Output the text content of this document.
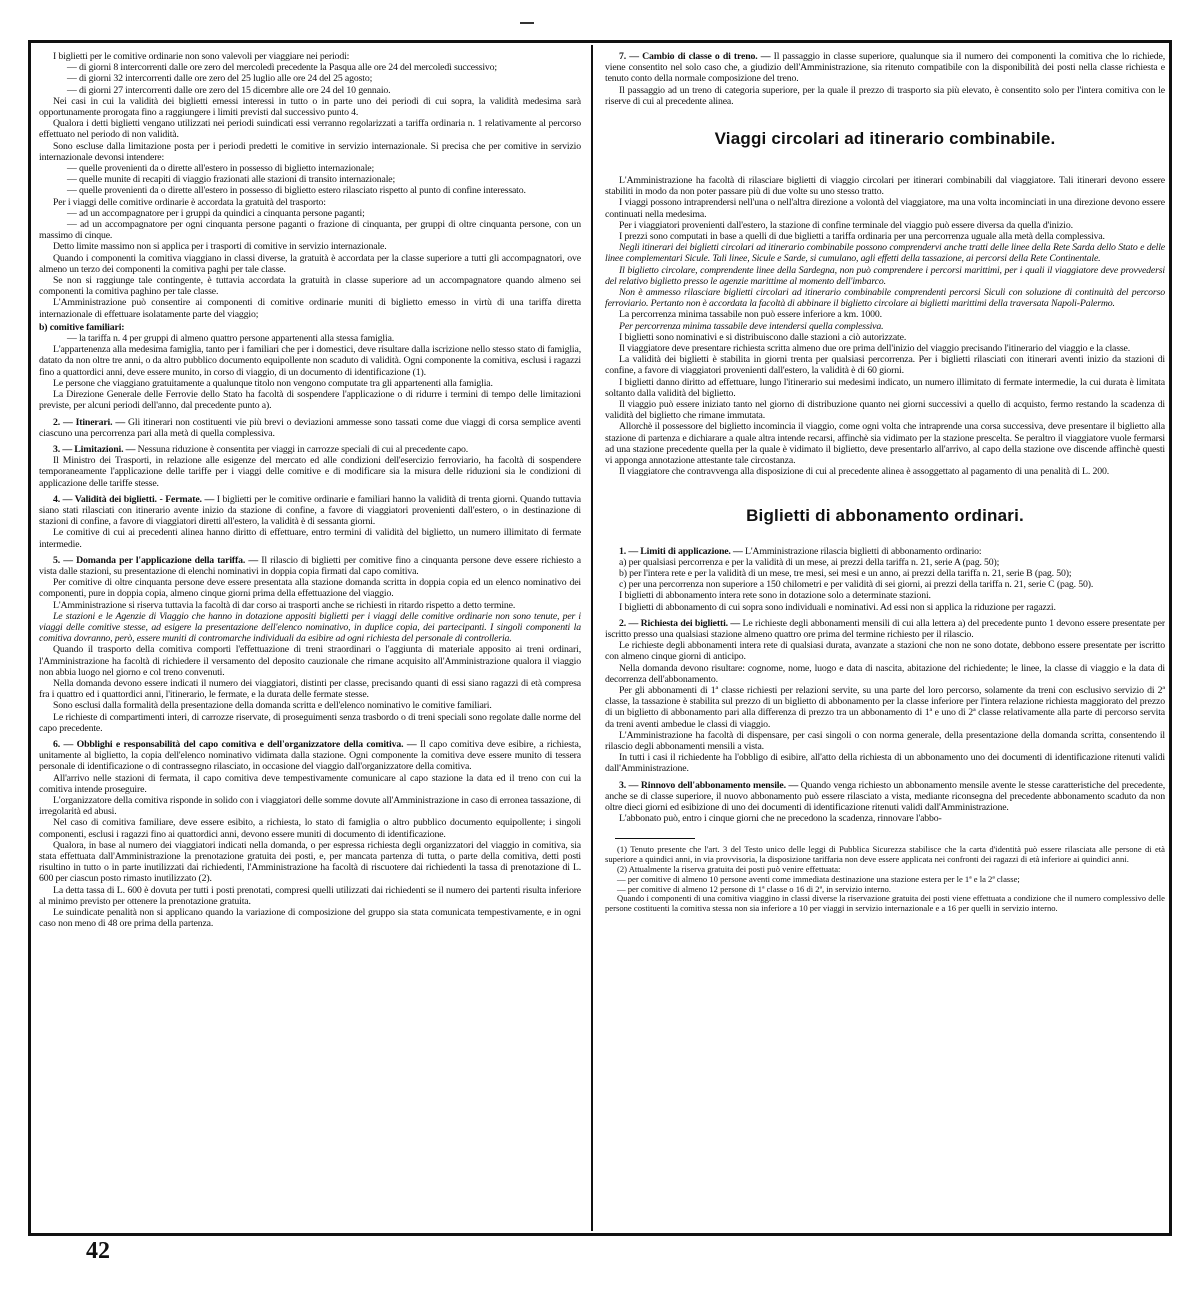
I biglietti per le comitive ordinarie non sono valevoli per viaggiare nei periodi:

— di giorni 8 intercorrenti dalle ore zero del mercoledì precedente la Pasqua alle ore 24 del mercoledì successivo;

— di giorni 32 intercorrenti dalle ore zero del 25 luglio alle ore 24 del 25 agosto;

— di giorni 27 intercorrenti dalle ore zero del 15 dicembre alle ore 24 del 10 gennaio.

Nei casi in cui la validità dei biglietti emessi interessi in tutto o in parte uno dei periodi di cui sopra, la validità medesima sarà opportunamente prorogata fino a raggiungere i limiti previsti dal successivo punto 4.

Qualora i detti biglietti vengano utilizzati nei periodi suindicati essi verranno regolarizzati a tariffa ordinaria n. 1 relativamente al percorso effettuato nel periodo di non validità.

Sono escluse dalla limitazione posta per i periodi predetti le comitive in servizio internazionale. Si precisa che per comitive in servizio internazionale devonsi intendere:

— quelle provenienti da o dirette all'estero in possesso di biglietto internazionale;

— quelle munite di recapiti di viaggio frazionati alle stazioni di transito internazionale;

— quelle provenienti da o dirette all'estero in possesso di biglietto estero rilasciato rispetto al punto di confine interessato.

Per i viaggi delle comitive ordinarie è accordata la gratuità del trasporto:

— ad un accompagnatore per i gruppi da quindici a cinquanta persone paganti;

— ad un accompagnatore per ogni cinquanta persone paganti o frazione di cinquanta, per gruppi di oltre cinquanta persone, con un massimo di cinque.

Detto limite massimo non si applica per i trasporti di comitive in servizio internazionale.

Quando i componenti la comitiva viaggiano in classi diverse, la gratuità è accordata per la classe superiore a tutti gli accompagnatori, ove almeno un terzo dei componenti la comitiva paghi per tale classe.

Se non si raggiunge tale contingente, è tuttavia accordata la gratuità in classe superiore ad un accompagnatore quando almeno sei componenti la comitiva paghino per tale classe.

L'Amministrazione può consentire ai componenti di comitive ordinarie muniti di biglietto emesso in virtù di una tariffa diretta internazionale di effettuare isolatamente parte del viaggio;

b) comitive familiari:

— la tariffa n. 4 per gruppi di almeno quattro persone appartenenti alla stessa famiglia.

L'appartenenza alla medesima famiglia, tanto per i familiari che per i domestici, deve risultare dalla iscrizione nello stesso stato di famiglia, datato da non oltre tre anni, o da altro pubblico documento equipollente non scaduto di validità. Ogni componente la comitiva, esclusi i ragazzi fino a quattordici anni, deve essere munito, in corso di viaggio, di un documento di identificazione (1).

Le persone che viaggiano gratuitamente a qualunque titolo non vengono computate tra gli appartenenti alla famiglia.

La Direzione Generale delle Ferrovie dello Stato ha facoltà di sospendere l'applicazione o di ridurre i termini di tempo delle limitazioni previste, per alcuni periodi dell'anno, dal precedente punto a).

2. — Itinerari. — Gli itinerari non costituenti vie più brevi o deviazioni ammesse sono tassati come due viaggi di corsa semplice aventi ciascuno una percorrenza pari alla metà di quella complessiva.

3. — Limitazioni. — Nessuna riduzione è consentita per viaggi in carrozze speciali di cui al precedente capo.

Il Ministro dei Trasporti, in relazione alle esigenze del mercato ed alle condizioni dell'esercizio ferroviario, ha facoltà di sospendere temporaneamente l'applicazione delle tariffe per i viaggi delle comitive e di modificare sia la misura delle riduzioni sia le condizioni di applicazione delle tariffe stesse.

4. — Validità dei biglietti. - Fermate. — I biglietti per le comitive ordinarie e familiari hanno la validità di trenta giorni. Quando tuttavia siano stati rilasciati con itinerario avente inizio da stazione di confine, a favore di viaggiatori provenienti dall'estero, o in destinazione di stazioni di confine, a favore di viaggiatori diretti all'estero, la validità è di sessanta giorni.

Le comitive di cui ai precedenti alinea hanno diritto di effettuare, entro termini di validità del biglietto, un numero illimitato di fermate intermedie.

5. — Domanda per l'applicazione della tariffa. — Il rilascio di biglietti per comitive fino a cinquanta persone deve essere richiesto a vista dalle stazioni, su presentazione di elenchi nominativi in doppia copia firmati dal capo comitiva.

Per comitive di oltre cinquanta persone deve essere presentata alla stazione domanda scritta in doppia copia ed un elenco nominativo dei componenti, pure in doppia copia, almeno cinque giorni prima della effettuazione del viaggio.

L'Amministrazione si riserva tuttavia la facoltà di dar corso ai trasporti anche se richiesti in ritardo rispetto a detto termine.

Le stazioni e le Agenzie di Viaggio che hanno in dotazione appositi biglietti per i viaggi delle comitive ordinarie non sono tenute, per i viaggi delle comitive stesse, ad esigere la presentazione dell'elenco nominativo, in duplice copia, dei partecipanti. I singoli componenti la comitiva dovranno, però, essere muniti di contromarche individuali da esibire ad ogni richiesta del personale di controlleria.

Quando il trasporto della comitiva comporti l'effettuazione di treni straordinari o l'aggiunta di materiale apposito ai treni ordinari, l'Amministrazione ha facoltà di richiedere il versamento del deposito cauzionale che rimane acquisito all'Amministrazione qualora il viaggio non abbia luogo nel giorno e col treno convenuti.

Nella domanda devono essere indicati il numero dei viaggiatori, distinti per classe, precisando quanti di essi siano ragazzi di età compresa fra i quattro ed i quattordici anni, l'itinerario, le fermate, e la durata delle fermate stesse.

Sono esclusi dalla formalità della presentazione della domanda scritta e dell'elenco nominativo le comitive familiari.

Le richieste di compartimenti interi, di carrozze riservate, di proseguimenti senza trasbordo o di treni speciali sono regolate dalle norme del capo precedente.

6. — Obblighi e responsabilità del capo comitiva e dell'organizzatore della comitiva. — Il capo comitiva deve esibire, a richiesta, unitamente al biglietto, la copia dell'elenco nominativo vidimata dalla stazione. Ogni componente la comitiva deve essere munito di tessera personale di identificazione o di contrassegno rilasciato, in occasione del viaggio dall'organizzatore della comitiva.

All'arrivo nelle stazioni di fermata, il capo comitiva deve tempestivamente comunicare al capo stazione la data ed il treno con cui la comitiva intende proseguire.

L'organizzatore della comitiva risponde in solido con i viaggiatori delle somme dovute all'Amministrazione in caso di erronea tassazione, di irregolarità ed abusi.

Nel caso di comitiva familiare, deve essere esibito, a richiesta, lo stato di famiglia o altro pubblico documento equipollente; i singoli componenti, esclusi i ragazzi fino ai quattordici anni, devono essere muniti di documento di identificazione.

Qualora, in base al numero dei viaggiatori indicati nella domanda, o per espressa richiesta degli organizzatori del viaggio in comitiva, sia stata effettuata dall'Amministrazione la prenotazione gratuita dei posti, e, per mancata partenza di tutta, o parte della comitiva, detti posti risultino in tutto o in parte inutilizzati dai richiedenti, l'Amministrazione ha facoltà di riscuotere dai richiedenti la tassa di prenotazione di L. 600 per ciascun posto rimasto inutilizzato (2).

La detta tassa di L. 600 è dovuta per tutti i posti prenotati, compresi quelli utilizzati dai richiedenti se il numero dei partenti risulta inferiore al minimo previsto per ottenere la prenotazione gratuita.

Le suindicate penalità non si applicano quando la variazione di composizione del gruppo sia stata comunicata tempestivamente, e in ogni caso non meno di 48 ore prima della partenza.

7. — Cambio di classe o di treno. — Il passaggio in classe superiore, qualunque sia il numero dei componenti la comitiva che lo richiede, viene consentito nel solo caso che, a giudizio dell'Amministrazione, sia ritenuto compatibile con la disponibilità dei posti nella classe richiesta e tenuto conto della normale composizione del treno.

Il passaggio ad un treno di categoria superiore, per la quale il prezzo di trasporto sia più elevato, è consentito solo per l'intera comitiva con le riserve di cui al precedente alinea.

Viaggi circolari ad itinerario combinabile.

L'Amministrazione ha facoltà di rilasciare biglietti di viaggio circolari per itinerari combinabili dal viaggiatore. Tali itinerari devono essere stabiliti in modo da non poter passare più di due volte su uno stesso tratto.

I viaggi possono intraprendersi nell'una o nell'altra direzione a volontà del viaggiatore, ma una volta incominciati in una direzione devono essere continuati nella medesima.

Per i viaggiatori provenienti dall'estero, la stazione di confine terminale del viaggio può essere diversa da quella d'inizio.

I prezzi sono computati in base a quelli di due biglietti a tariffa ordinaria per una percorrenza uguale alla metà della complessiva.

Negli itinerari dei biglietti circolari ad itinerario combinabile possono comprendervi anche tratti delle linee della Rete Sarda dello Stato e delle linee complementari Sicule. Tali linee, Sicule e Sarde, si cumulano, agli effetti della tassazione, ai percorsi della Rete Continentale.

Il biglietto circolare, comprendente linee della Sardegna, non può comprendere i percorsi marittimi, per i quali il viaggiatore deve provvedersi del relativo biglietto presso le agenzie marittime al momento dell'imbarco.

Non è ammesso rilasciare biglietti circolari ad itinerario combinabile comprendenti percorsi Siculi con soluzione di continuità del percorso ferroviario. Pertanto non è accordata la facoltà di abbinare il biglietto circolare ai biglietti marittimi della traversata Napoli-Palermo.

La percorrenza minima tassabile non può essere inferiore a km. 1000.

Per percorrenza minima tassabile deve intendersi quella complessiva.

I biglietti sono nominativi e si distribuiscono dalle stazioni a ciò autorizzate.

Il viaggiatore deve presentare richiesta scritta almeno due ore prima dell'inizio del viaggio precisando l'itinerario del viaggio e la classe.

La validità dei biglietti è stabilita in giorni trenta per qualsiasi percorrenza. Per i biglietti rilasciati con itinerari aventi inizio da stazioni di confine, a favore di viaggiatori provenienti dall'estero, la validità è di 60 giorni.

I biglietti danno diritto ad effettuare, lungo l'itinerario sui medesimi indicato, un numero illimitato di fermate intermedie, la cui durata è limitata soltanto dalla validità del biglietto.

Il viaggio può essere iniziato tanto nel giorno di distribuzione quanto nei giorni successivi a quello di acquisto, fermo restando la scadenza di validità del biglietto che rimane immutata.

Allorchè il possessore del biglietto incomincia il viaggio, come ogni volta che intraprende una corsa successiva, deve presentare il biglietto alla stazione di partenza e dichiarare a quale altra intende recarsi, affinchè sia vidimato per la stazione prescelta. Se peraltro il viaggiatore vuole fermarsi ad una stazione precedente quella per la quale è vidimato il biglietto, deve presentarlo all'arrivo, al capo della stazione ove discende affinchè questi vi apponga annotazione attestante tale circostanza.

Il viaggiatore che contravvenga alla disposizione di cui al precedente alinea è assoggettato al pagamento di una penalità di L. 200.

Biglietti di abbonamento ordinari.

1. — Limiti di applicazione. — L'Amministrazione rilascia biglietti di abbonamento ordinario:

a) per qualsiasi percorrenza e per la validità di un mese, ai prezzi della tariffa n. 21, serie A (pag. 50);

b) per l'intera rete e per la validità di un mese, tre mesi, sei mesi e un anno, ai prezzi della tariffa n. 21, serie B (pag. 50);

c) per una percorrenza non superiore a 150 chilometri e per validità di sei giorni, ai prezzi della tariffa n. 21, serie C (pag. 50).

I biglietti di abbonamento intera rete sono in dotazione solo a determinate stazioni.

I biglietti di abbonamento di cui sopra sono individuali e nominativi. Ad essi non si applica la riduzione per ragazzi.

2. — Richiesta dei biglietti. — Le richieste degli abbonamenti mensili di cui alla lettera a) del precedente punto 1 devono essere presentate per iscritto presso una qualsiasi stazione almeno quattro ore prima del termine richiesto per il rilascio.

Le richieste degli abbonamenti intera rete di qualsiasi durata, avanzate a stazioni che non ne sono dotate, debbono essere presentate per iscritto con almeno cinque giorni di anticipo.

Nella domanda devono risultare: cognome, nome, luogo e data di nascita, abitazione del richiedente; le linee, la classe di viaggio e la data di decorrenza dell'abbonamento.

Per gli abbonamenti di 1ª classe richiesti per relazioni servite, su una parte del loro percorso, solamente da treni con esclusivo servizio di 2ª classe, la tassazione è stabilita sul prezzo di un biglietto di abbonamento per la classe inferiore per l'intera relazione richiesta maggiorato del prezzo di un biglietto di abbonamento pari alla differenza di prezzo tra un abbonamento di 1ª e uno di 2ª classe relativamente alla parte di percorso servita da treni aventi ambedue le classi di viaggio.

L'Amministrazione ha facoltà di dispensare, per casi singoli o con norma generale, della presentazione della domanda scritta, consentendo il rilascio degli abbonamenti mensili a vista.

In tutti i casi il richiedente ha l'obbligo di esibire, all'atto della richiesta di un abbonamento uno dei documenti di identificazione ritenuti validi dall'Amministrazione.

3. — Rinnovo dell'abbonamento mensile. — Quando venga richiesto un abbonamento mensile avente le stesse caratteristiche del precedente, anche se di classe superiore, il nuovo abbonamento può essere rilasciato a vista, mediante riconsegna del precedente abbonamento scaduto da non oltre dieci giorni ed esibizione di uno dei documenti di identificazione ritenuti validi dall'Amministrazione.

L'abbonato può, entro i cinque giorni che ne precedono la scadenza, rinnovare l'abbo-

(1) Tenuto presente che l'art. 3 del Testo unico delle leggi di Pubblica Sicurezza stabilisce che la carta d'identità può essere rilasciata alle persone di età superiore a quindici anni, in via provvisoria, la disposizione tariffaria non deve essere applicata nei confronti dei ragazzi di età inferiore ai quindici anni.

(2) Attualmente la riserva gratuita dei posti può venire effettuata:

— per comitive di almeno 10 persone aventi come immediata destinazione una stazione estera per le 1ª e la 2ª classe;

— per comitive di almeno 12 persone di 1ª classe o 16 di 2ª, in servizio interno.

Quando i componenti di una comitiva viaggino in classi diverse la riservazione gratuita dei posti viene effettuata a condizione che il numero complessivo delle persone costituenti la comitiva stessa non sia inferiore a 10 per viaggi in servizio internazionale e a 16 per quelli in servizio interno.

42
